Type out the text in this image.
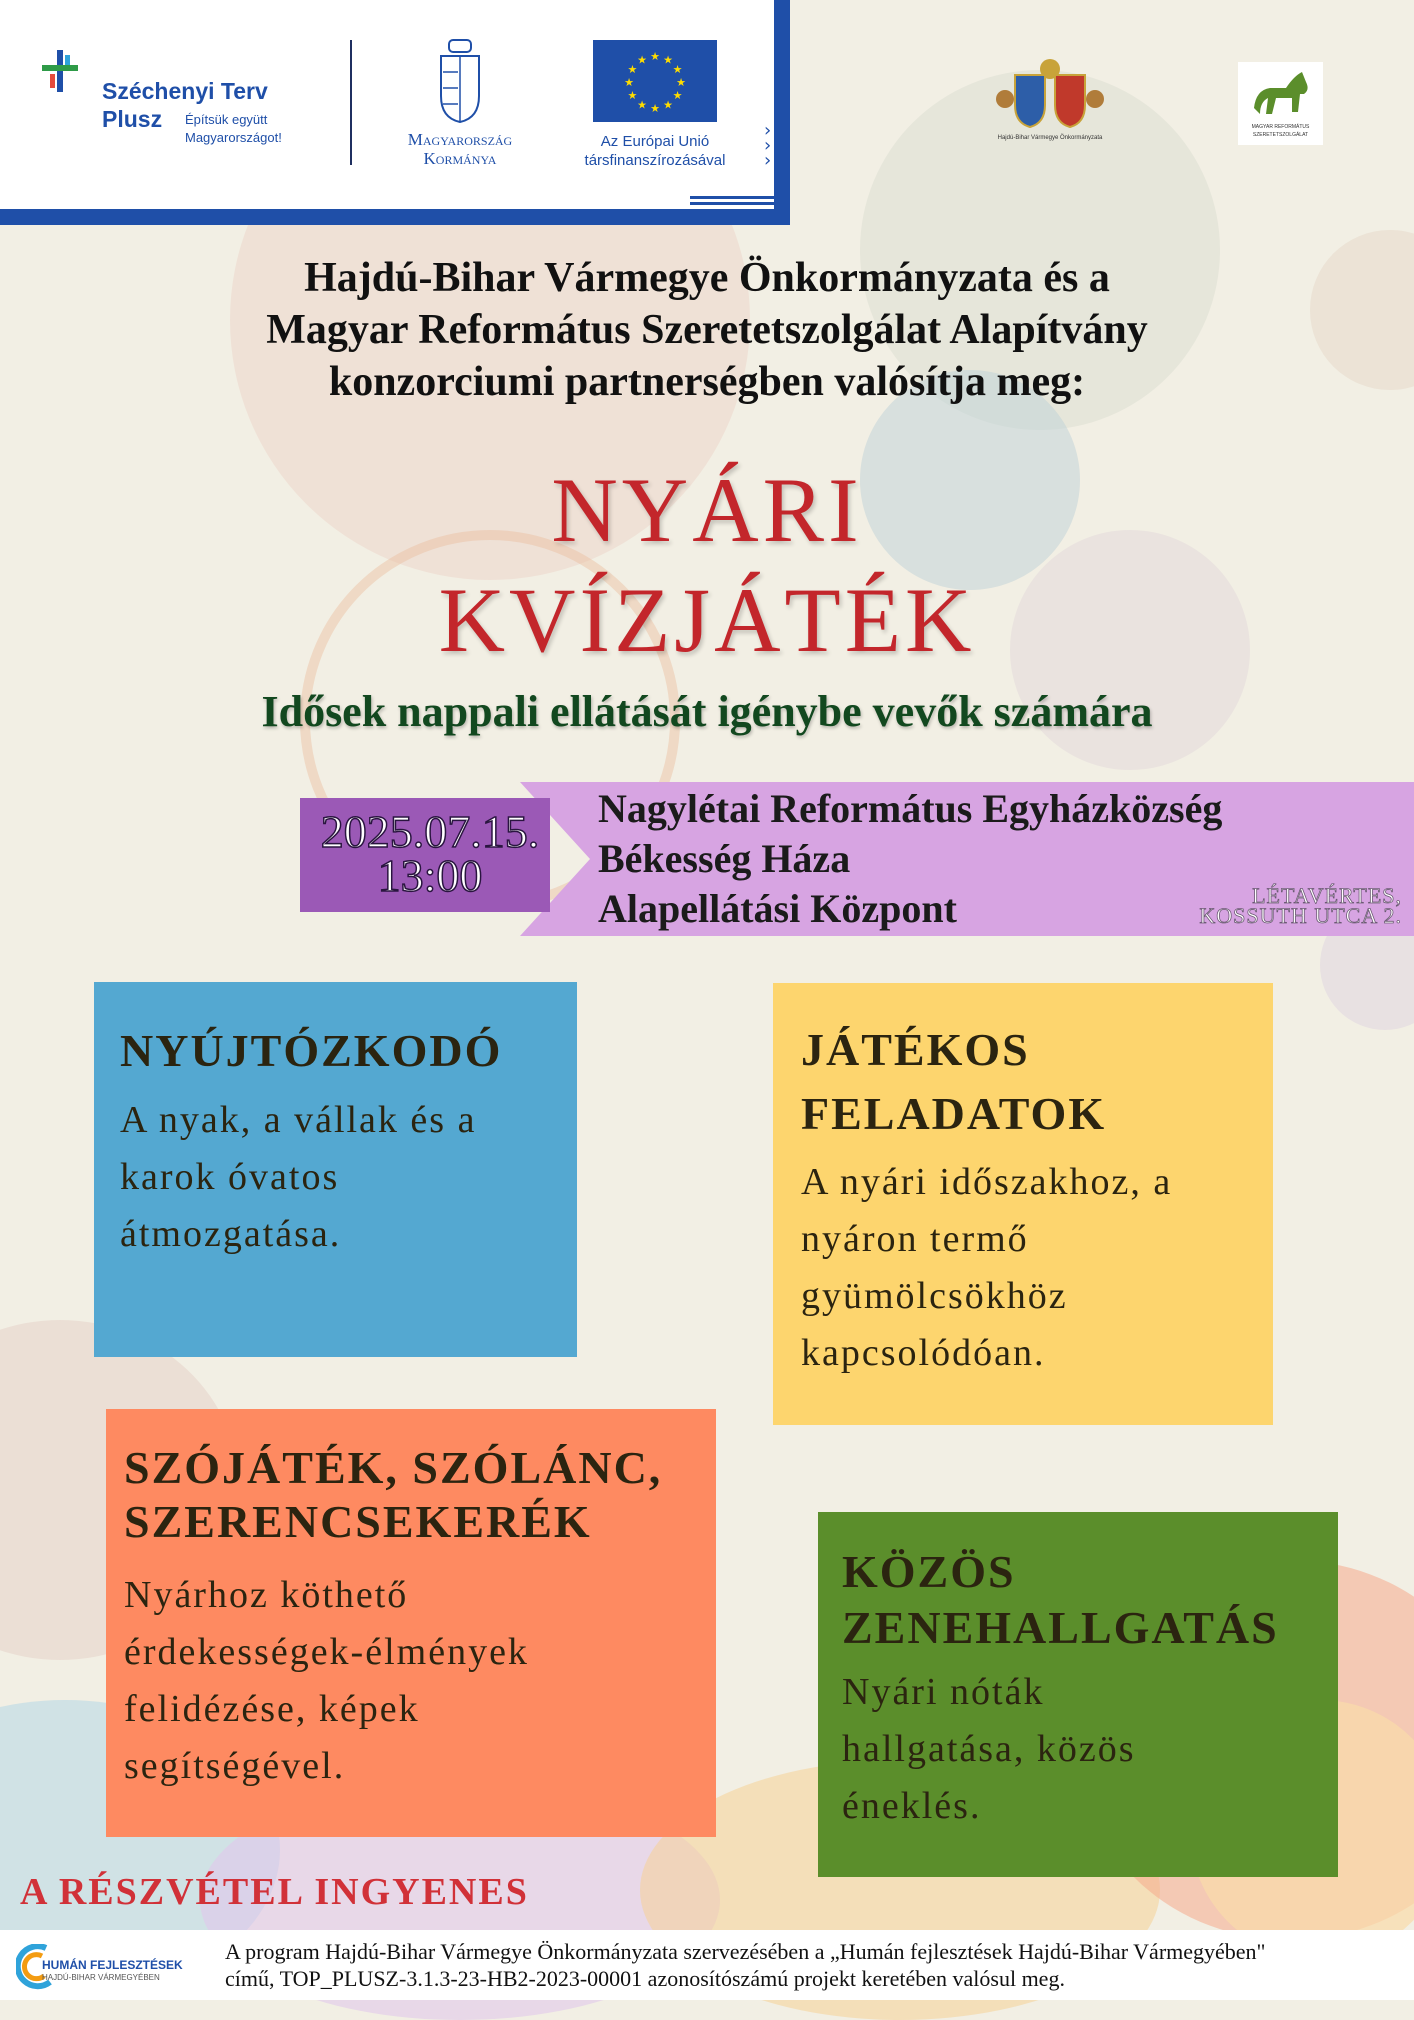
Széchenyi Terv
Plusz Építsük együtt
Magyarországot!	Magyarország
Kormánya
★ ★
★
★
★
★
★
★
★
★
★
★
Az Európai Unió
társfinanszírozásával
›
›
›
Hajdú-Bihar Vármegye Önkormányzata
MAGYAR REFORMÁTUS
SZERETETSZOLGÁLAT
Hajdú-Bihar Vármegye Önkormányzata és a
Magyar Református Szeretetszolgálat Alapítvány
konzorciumi partnerségben valósítja meg:
NYÁRI
KVÍZJÁTÉK
Idősek nappali ellátását igénybe vevők számára
2025.07.15.
13:00
Nagylétai Református Egyházközség
Békesség Háza
Alapellátási Központ	LÉTAVÉRTES,
KOSSUTH UTCA 2.
NYÚJTÓZKODÓ

A nyak, a vállak és a

karok óvatos

átmozgatása.

JÁTÉKOS
FELADATOK

A nyári időszakhoz, a

nyáron termő

gyümölcsökhöz

kapcsolódóan.

SZÓJÁTÉK, SZÓLÁNC,
SZERENCSEKERÉK

Nyárhoz köthető

érdekességek-élmények

felidézése, képek

segítségével.

KÖZÖS
ZENEHALLGATÁS

Nyári nóták

hallgatása, közös

éneklés.

A RÉSZVÉTEL INGYENES
HUMÁN FEJLESZTÉSEK
HAJDÚ-BIHAR VÁRMEGYÉBEN
A program Hajdú-Bihar Vármegye Önkormányzata szervezésében a „Humán fejlesztések Hajdú-Bihar Vármegyében"
című, TOP_PLUSZ-3.1.3-23-HB2-2023-00001 azonosítószámú projekt keretében valósul meg.
